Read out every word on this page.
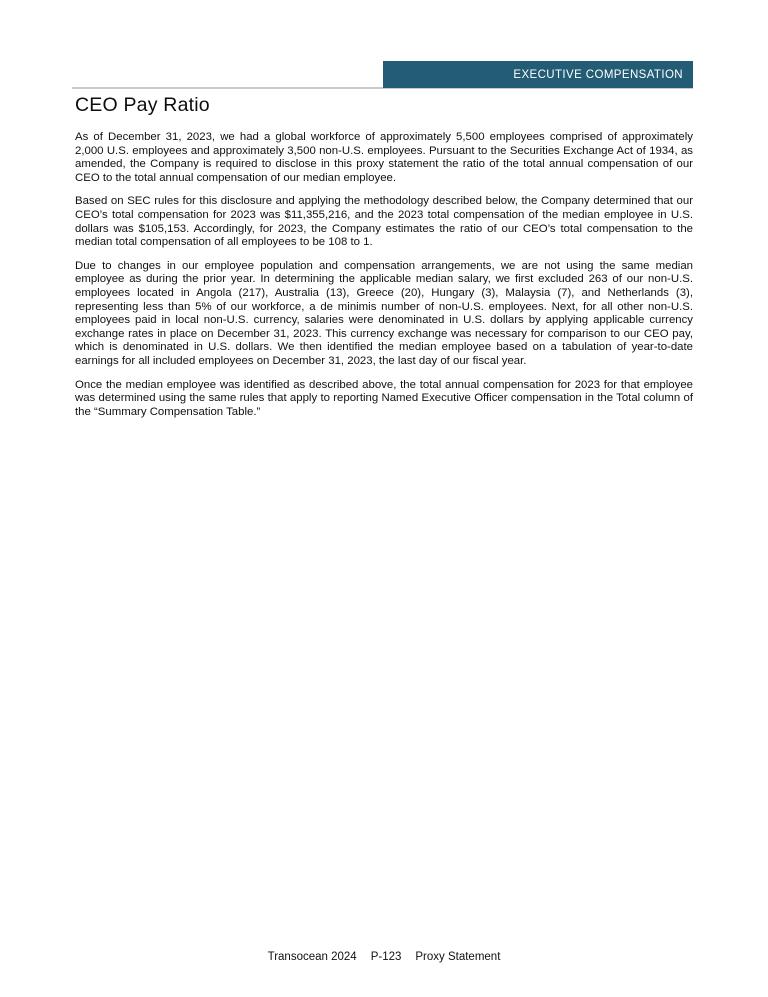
EXECUTIVE COMPENSATION
CEO Pay Ratio

As of December 31, 2023, we had a global workforce of approximately 5,500 employees comprised of approximately 2,000 U.S. employees and approximately 3,500 non-U.S. employees. Pursuant to the Securities Exchange Act of 1934, as amended, the Company is required to disclose in this proxy statement the ratio of the total annual compensation of our CEO to the total annual compensation of our median employee.

Based on SEC rules for this disclosure and applying the methodology described below, the Company determined that our CEO’s total compensation for 2023 was $11,355,216, and the 2023 total compensation of the median employee in U.S. dollars was $105,153. Accordingly, for 2023, the Company estimates the ratio of our CEO’s total compensation to the median total compensation of all employees to be 108 to 1.

Due to changes in our employee population and compensation arrangements, we are not using the same median employee as during the prior year. In determining the applicable median salary, we first excluded 263 of our non-U.S. employees located in Angola (217), Australia (13), Greece (20), Hungary (3), Malaysia (7), and Netherlands (3), representing less than 5% of our workforce, a de minimis number of non-U.S. employees. Next, for all other non-U.S. employees paid in local non-U.S. currency, salaries were denominated in U.S. dollars by applying applicable currency exchange rates in place on December 31, 2023. This currency exchange was necessary for comparison to our CEO pay, which is denominated in U.S. dollars. We then identified the median employee based on a tabulation of year-to-date earnings for all included employees on December 31, 2023, the last day of our fiscal year.

Once the median employee was identified as described above, the total annual compensation for 2023 for that employee was determined using the same rules that apply to reporting Named Executive Officer compensation in the Total column of the “Summary Compensation Table.”

Transocean 2024 P-123 Proxy Statement
